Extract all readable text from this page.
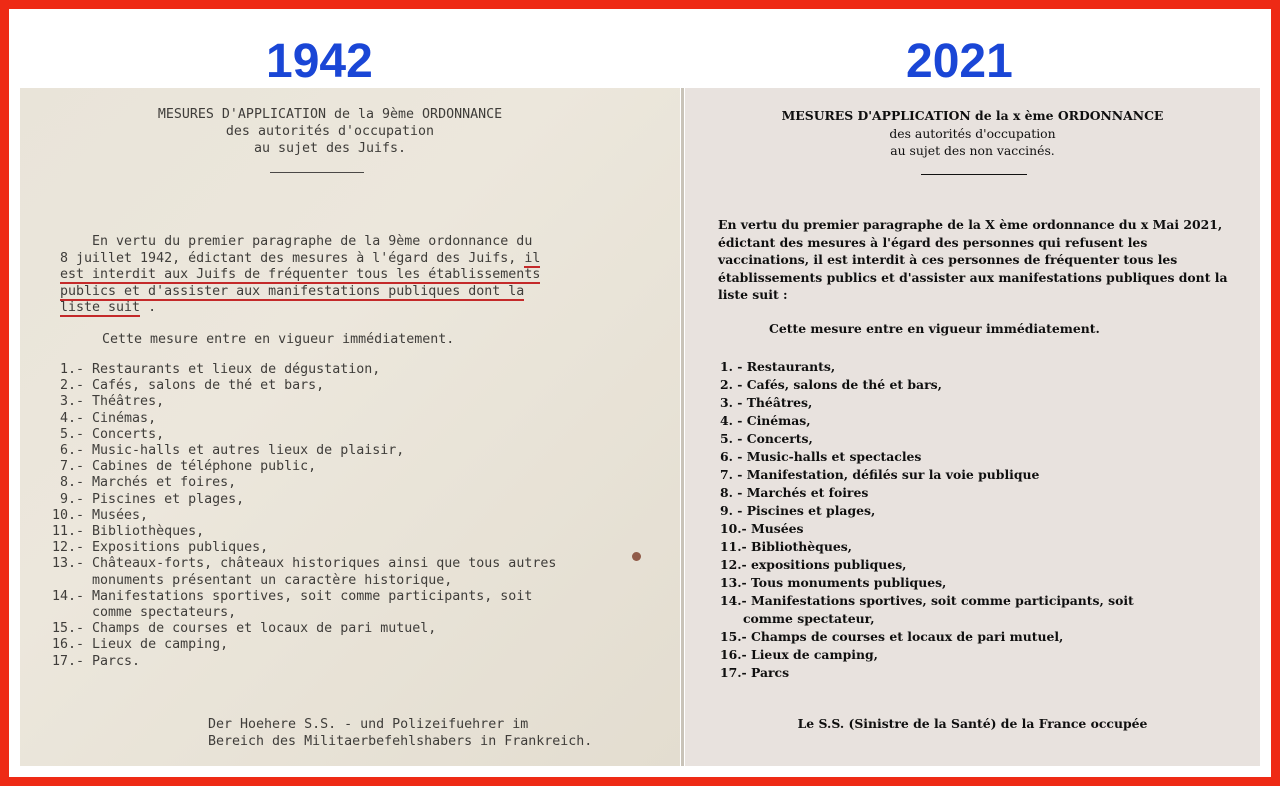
1942	2021
MESURES D'APPLICATION de la 9ème ORDONNANCE
des autorités d'occupation
au sujet des Juifs.
En vertu du premier paragraphe de la 9ème ordonnance du
8 juillet 1942, édictant des mesures à l'égard des Juifs, il
est interdit aux Juifs de fréquenter tous les établissements
publics et d'assister aux manifestations publiques dont la
liste suit .
Cette mesure entre en vigueur immédiatement.
1.- Restaurants et lieux de dégustation,
2.- Cafés, salons de thé et bars,
3.- Théâtres,
4.- Cinémas,
5.- Concerts,
6.- Music-halls et autres lieux de plaisir,
7.- Cabines de téléphone public,
8.- Marchés et foires,
9.- Piscines et plages,
10.- Musées,
11.- Bibliothèques,
12.- Expositions publiques,
13.- Châteaux-forts, châteaux historiques ainsi que tous autres
monuments présentant un caractère historique,
14.- Manifestations sportives, soit comme participants, soit
comme spectateurs,
15.- Champs de courses et locaux de pari mutuel,
16.- Lieux de camping,
17.- Parcs.
Der Hoehere S.S. - und Polizeifuehrer im
Bereich des Militaerbefehlshabers in Frankreich.
MESURES D'APPLICATION de la x ème ORDONNANCE
des autorités d'occupation
au sujet des non vaccinés.
En vertu du premier paragraphe de la X ème ordonnance du x Mai 2021, édictant des mesures à l'égard des personnes qui refusent les vaccinations, il est interdit à ces personnes de fréquenter tous les établissements publics et d'assister aux manifestations publiques dont la liste suit :
Cette mesure entre en vigueur immédiatement.
1. - Restaurants,
2. - Cafés, salons de thé et bars,
3. - Théâtres,
4. - Cinémas,
5. - Concerts,
6. - Music-halls et spectacles
7. - Manifestation, défilés sur la voie publique
8. - Marchés et foires
9. - Piscines et plages,
10.- Musées
11.- Bibliothèques,
12.- expositions publiques,
13.- Tous monuments publiques,
14.- Manifestations sportives, soit comme participants, soit
comme spectateur,
15.- Champs de courses et locaux de pari mutuel,
16.- Lieux de camping,
17.- Parcs
Le S.S. (Sinistre de la Santé) de la France occupée
